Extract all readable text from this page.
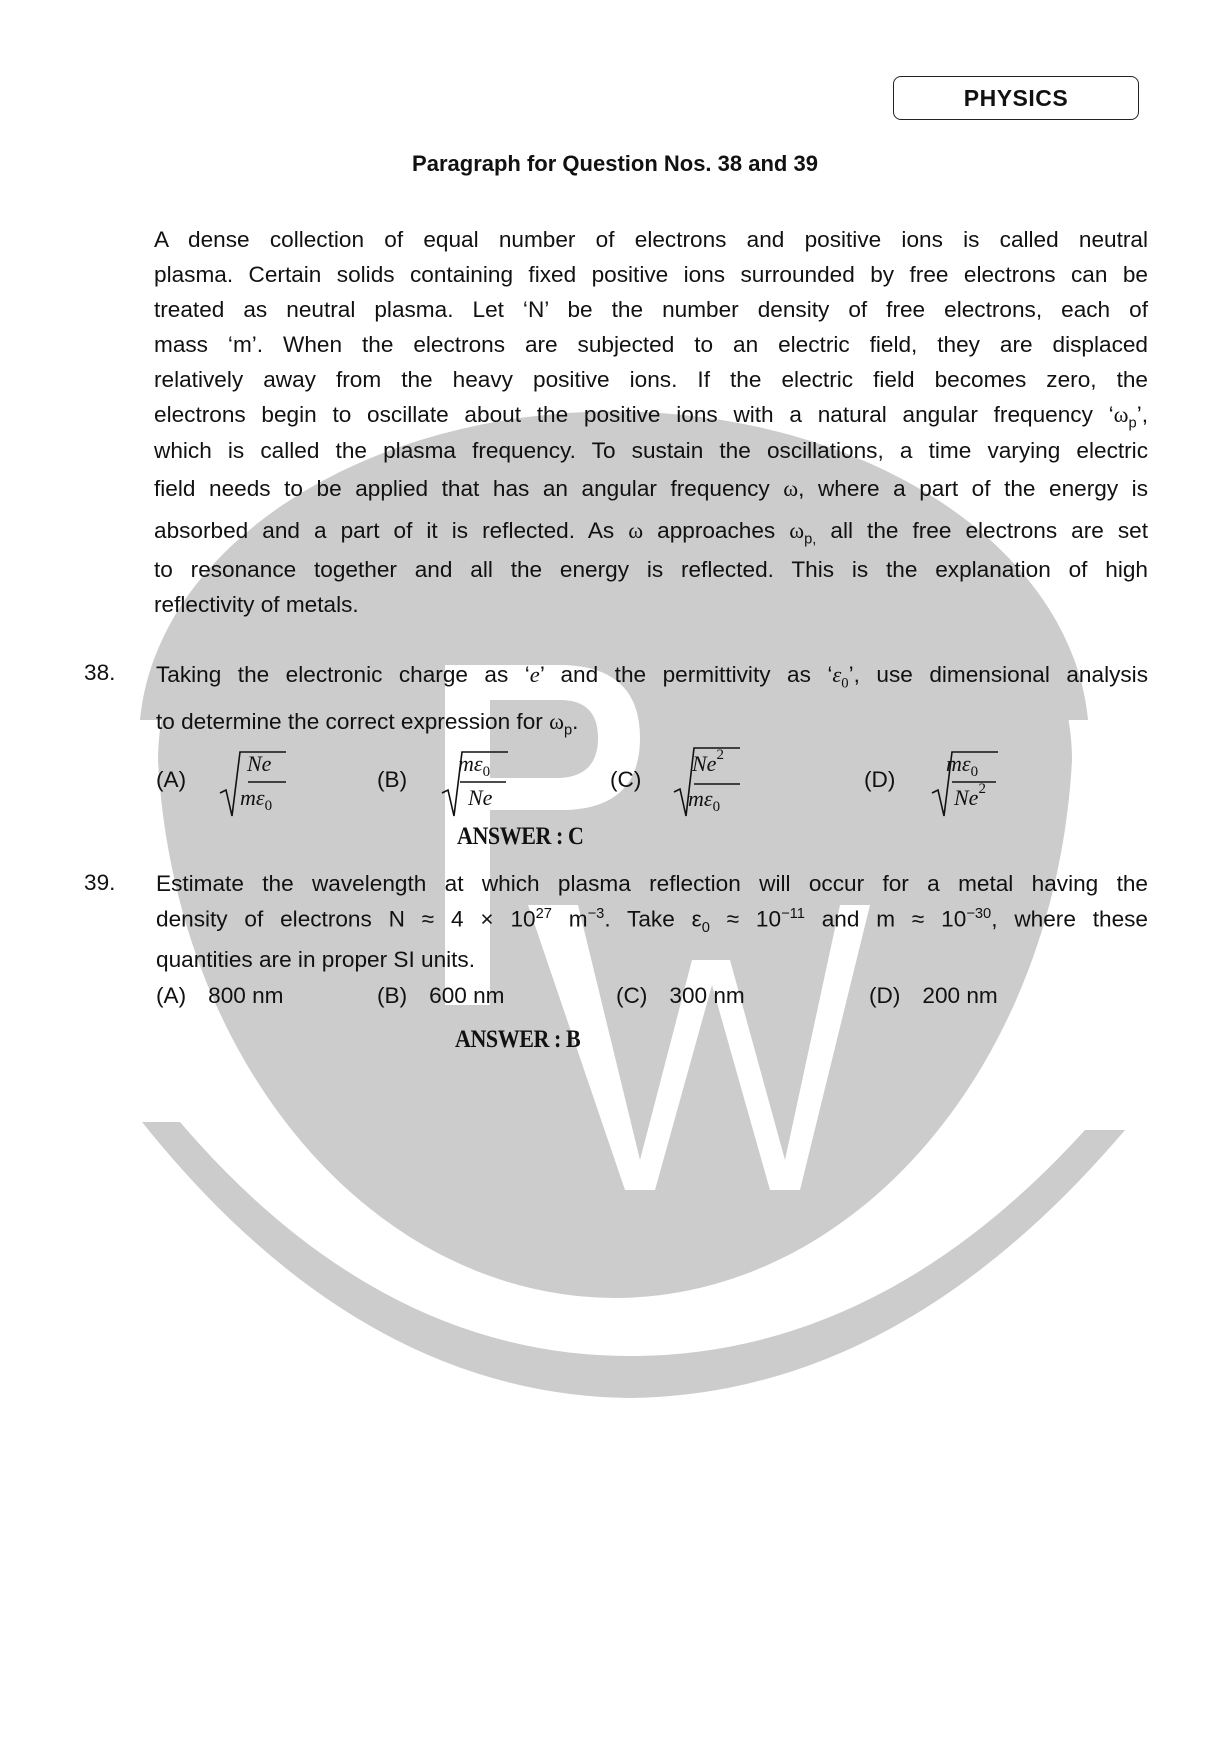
PHYSICS
Paragraph for Question Nos. 38 and 39
A dense collection of equal number of electrons and positive ions is called neutral
plasma. Certain solids containing fixed positive ions surrounded by free electrons can be
treated as neutral plasma. Let ‘N’ be the number density of free electrons, each of
mass ‘m’. When the electrons are subjected to an electric field, they are displaced
relatively away from the heavy positive ions. If the electric field becomes zero, the
electrons begin to oscillate about the positive ions with a natural angular frequency ‘$\omega_p$’,
which is called the plasma frequency. To sustain the oscillations, a time varying electric
field needs to be applied that has an angular frequency ω, where a part of the energy is
absorbed and a part of it is reflected. As ω approaches $\omega_{p,}$ all the free electrons are set
to resonance together and all the energy is reflected. This is the explanation of high
reflectivity of metals.
38. Taking the electronic charge as ‘e’ and the permittivity as ‘$\varepsilon_0$’, use dimensional analysis
to determine the correct expression for $\omega_p$.
(A)
Ne
$m\varepsilon_0$
(B)
$m\varepsilon_0$
Ne
(C)
Ne$^2$
$m\varepsilon_0$
(D)
$m\varepsilon_0$
Ne$^2$
ANSWER : C
39. Estimate the wavelength at which plasma reflection will occur for a metal having the
density of electrons $N \approx 4 \times 10^{27}$ $m^{-3}$. Take $\varepsilon_0 \approx 10^{-11}$ and $m \approx 10^{-30}$, where these
quantities are in proper SI units.
(A) 800 nm	(B) 600 nm	(C) 300 nm	(D) 200 nm
ANSWER : B
